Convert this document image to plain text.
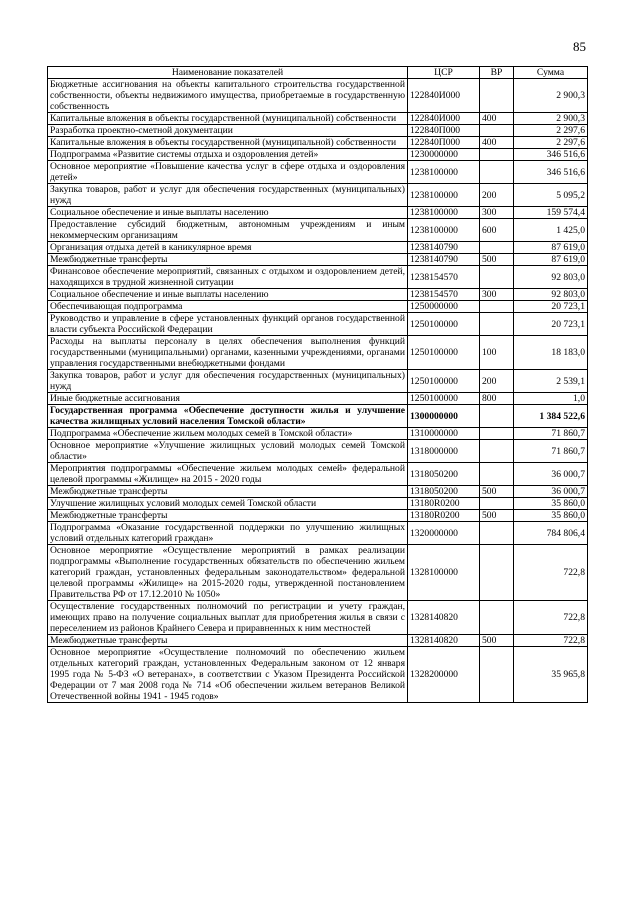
85
Наименование показателей	ЦСР	ВР	Сумма
Бюджетные ассигнования на объекты капитального строительства государственной собственности, объекты недвижимого имущества, приобретаемые в государственную собственность	122840И000		2 900,3
Капитальные вложения в объекты государственной (муниципальной) собственности	122840И000	400	2 900,3
Разработка проектно-сметной документации	122840П000		2 297,6
Капитальные вложения в объекты государственной (муниципальной) собственности	122840П000	400	2 297,6
Подпрограмма «Развитие системы отдыха и оздоровления детей»	1230000000		346 516,6
Основное мероприятие «Повышение качества услуг в сфере отдыха и оздоровления детей»	1238100000		346 516,6
Закупка товаров, работ и услуг для обеспечения государственных (муниципальных) нужд	1238100000	200	5 095,2
Социальное обеспечение и иные выплаты населению	1238100000	300	159 574,4
Предоставление субсидий бюджетным, автономным учреждениям и иным некоммерческим организациям	1238100000	600	1 425,0
Организация отдыха детей в каникулярное время	1238140790		87 619,0
Межбюджетные трансферты	1238140790	500	87 619,0
Финансовое обеспечение мероприятий, связанных с отдыхом и оздоровлением детей, находящихся в трудной жизненной ситуации	1238154570		92 803,0
Социальное обеспечение и иные выплаты населению	1238154570	300	92 803,0
Обеспечивающая подпрограмма	1250000000		20 723,1
Руководство и управление в сфере установленных функций органов государственной власти субъекта Российской Федерации	1250100000		20 723,1
Расходы на выплаты персоналу в целях обеспечения выполнения функций государственными (муниципальными) органами, казенными учреждениями, органами управления государственными внебюджетными фондами	1250100000	100	18 183,0
Закупка товаров, работ и услуг для обеспечения государственных (муниципальных) нужд	1250100000	200	2 539,1
Иные бюджетные ассигнования	1250100000	800	1,0
Государственная программа «Обеспечение доступности жилья и улучшение качества жилищных условий населения Томской области»	1300000000		1 384 522,6
Подпрограмма «Обеспечение жильем молодых семей в Томской области»	1310000000		71 860,7
Основное мероприятие «Улучшение жилищных условий молодых семей Томской области»	1318000000		71 860,7
Мероприятия подпрограммы «Обеспечение жильем молодых семей» федеральной целевой программы «Жилище» на 2015 - 2020 годы	1318050200		36 000,7
Межбюджетные трансферты	1318050200	500	36 000,7
Улучшение жилищных условий молодых семей Томской области	13180R0200		35 860,0
Межбюджетные трансферты	13180R0200	500	35 860,0
Подпрограмма «Оказание государственной поддержки по улучшению жилищных условий отдельных категорий граждан»	1320000000		784 806,4
Основное мероприятие «Осуществление мероприятий в рамках реализации подпрограммы «Выполнение государственных обязательств по обеспечению жильем категорий граждан, установленных федеральным законодательством» федеральной целевой программы «Жилище» на 2015-2020 годы, утвержденной постановлением Правительства РФ от 17.12.2010 № 1050»	1328100000		722,8
Осуществление государственных полномочий по регистрации и учету граждан, имеющих право на получение социальных выплат для приобретения жилья в связи с переселением из районов Крайнего Севера и приравненных к ним местностей	1328140820		722,8
Межбюджетные трансферты	1328140820	500	722,8
Основное мероприятие «Осуществление полномочий по обеспечению жильем отдельных категорий граждан, установленных Федеральным законом от 12 января 1995 года № 5-ФЗ «О ветеранах», в соответствии с Указом Президента Российской Федерации от 7 мая 2008 года № 714 «Об обеспечении жильем ветеранов Великой Отечественной войны 1941 - 1945 годов»	1328200000		35 965,8
